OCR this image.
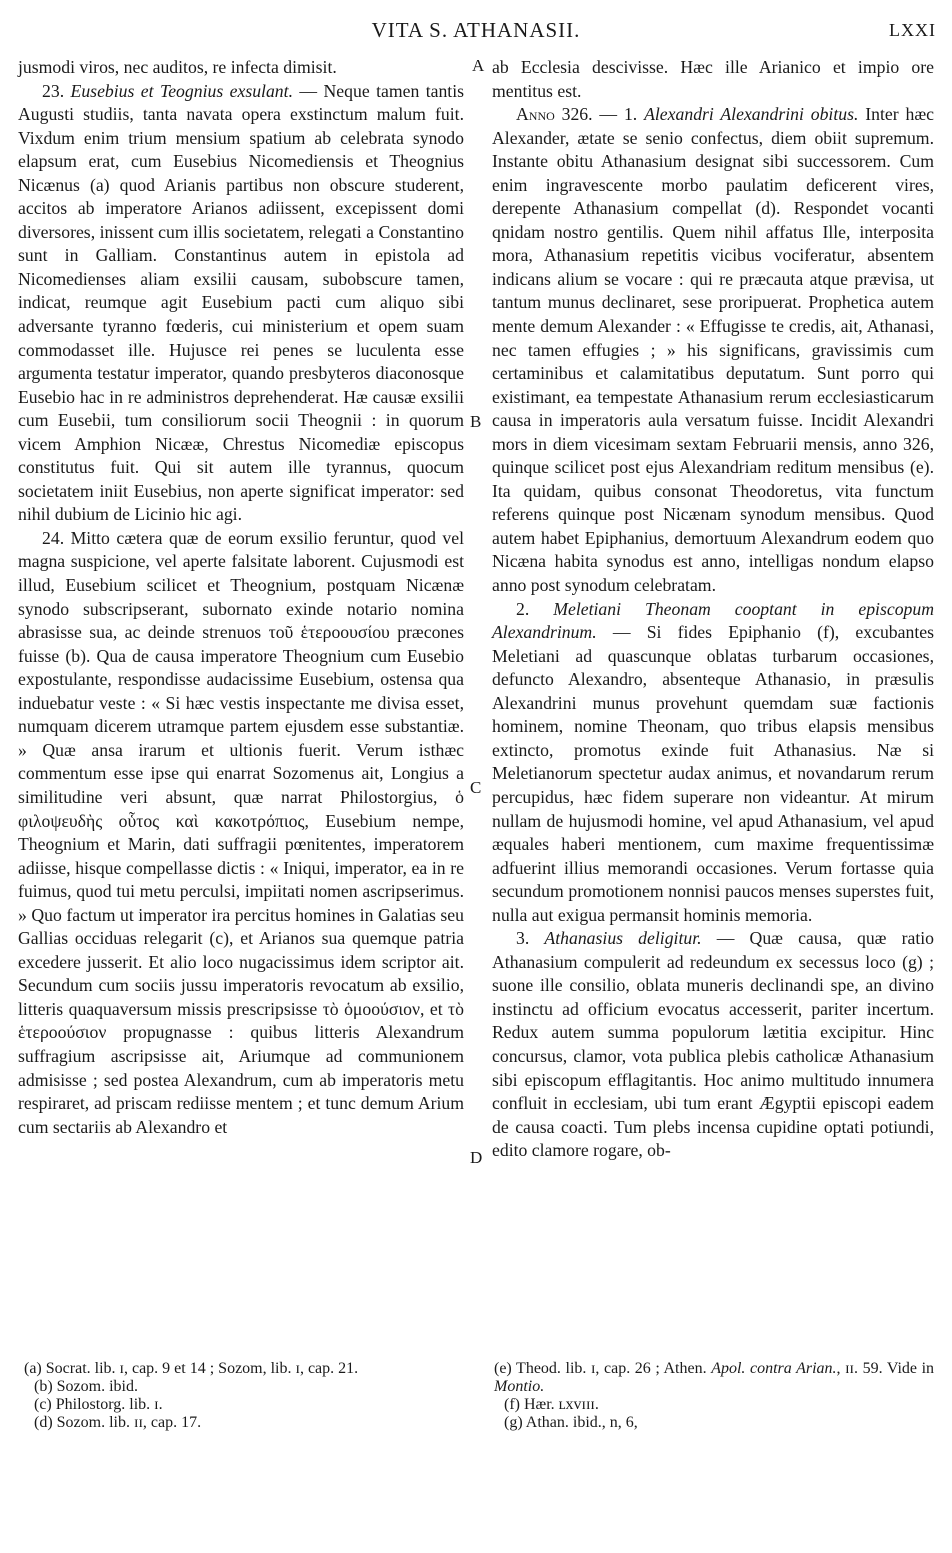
VITA S. ATHANASII.	LXXI

jusmodi viros, nec auditos, re infecta dimisit.

23. Eusebius et Teognius exsulant. — Neque tamen tantis Augusti studiis, tanta navata opera exstinctum malum fuit. Vixdum enim trium mensium spatium ab celebrata synodo elapsum erat, cum Eusebius Nicomediensis et Theognius Nicænus (a) quod Arianis partibus non obscure studerent, accitos ab imperatore Arianos adiissent, excepissent domi diversores, inissent cum illis societatem, relegati a Constantino sunt in Galliam. Constantinus autem in epistola ad Nicomedienses aliam exsilii causam, subobscure tamen, indicat, reumque agit Eusebium pacti cum aliquo sibi adversante tyranno fœderis, cui ministerium et opem suam commodasset ille. Hujusce rei penes se luculenta esse argumenta testatur imperator, quando presbyteros diaconosque Eusebio hac in re administros deprehenderat. Hæ causæ exsilii cum Eusebii, tum consiliorum socii Theognii : in quorum vicem Amphion Nicææ, Chrestus Nicomediæ episcopus constitutus fuit. Qui sit autem ille tyrannus, quocum societatem iniit Eusebius, non aperte significat imperator: sed nihil dubium de Licinio hic agi.

24. Mitto cætera quæ de eorum exsilio feruntur, quod vel magna suspicione, vel aperte falsitate laborent. Cujusmodi est illud, Eusebium scilicet et Theognium, postquam Nicænæ synodo subscripserant, subornato exinde notario nomina abrasisse sua, ac deinde strenuos τοῦ ἑτεροουσίου præcones fuisse (b). Qua de causa imperatore Theognium cum Eusebio expostulante, respondisse audacissime Eusebium, ostensa qua induebatur veste : « Si hæc vestis inspectante me divisa esset, numquam dicerem utramque partem ejusdem esse substantiæ. » Quæ ansa irarum et ultionis fuerit. Verum isthæc commentum esse ipse qui enarrat Sozomenus ait, Longius a similitudine veri absunt, quæ narrat Philostorgius, ὁ φιλοψευδὴς οὗτος καὶ κακοτρόπιος, Eusebium nempe, Theognium et Marin, dati suffragii pœnitentes, imperatorem adiisse, hisque compellasse dictis : « Iniqui, imperator, ea in re fuimus, quod tui metu perculsi, impiitati nomen ascripserimus. » Quo factum ut imperator ira percitus homines in Galatias seu Gallias occiduas relegarit (c), et Arianos sua quemque patria excedere jusserit. Et alio loco nugacissimus idem scriptor ait. Secundum cum sociis jussu imperatoris revocatum ab exsilio, litteris quaquaversum missis prescripsisse τὸ ὁμοούσιον, et τὸ ἑτεροούσιον propugnasse : quibus litteris Alexandrum suffragium ascripsisse ait, Ariumque ad communionem admisisse ; sed postea Alexandrum, cum ab imperatoris metu respiraret, ad priscam rediisse mentem ; et tunc demum Arium cum sectariis ab Alexandro et

A
B
C
D

ab Ecclesia descivisse. Hæc ille Arianico et impio ore mentitus est.

Anno 326. — 1. Alexandri Alexandrini obitus. Inter hæc Alexander, ætate se senio confectus, diem obiit supremum. Instante obitu Athanasium designat sibi successorem. Cum enim ingravescente morbo paulatim deficerent vires, derepente Athanasium compellat (d). Respondet vocanti qnidam nostro gentilis. Quem nihil affatus Ille, interposita mora, Athanasium repetitis vicibus vociferatur, absentem indicans alium se vocare : qui re præcauta atque prævisa, ut tantum munus declinaret, sese proripuerat. Prophetica autem mente demum Alexander : « Effugisse te credis, ait, Athanasi, nec tamen effugies ; » his significans, gravissimis cum certaminibus et calamitatibus deputatum. Sunt porro qui existimant, ea tempestate Athanasium rerum ecclesiasticarum causa in imperatoris aula versatum fuisse. Incidit Alexandri mors in diem vicesimam sextam Februarii mensis, anno 326, quinque scilicet post ejus Alexandriam reditum mensibus (e). Ita quidam, quibus consonat Theodoretus, vita functum referens quinque post Nicænam synodum mensibus. Quod autem habet Epiphanius, demortuum Alexandrum eodem quo Nicæna habita synodus est anno, intelligas nondum elapso anno post synodum celebratam.

2. Meletiani Theonam cooptant in episcopum Alexandrinum. — Si fides Epiphanio (f), excubantes Meletiani ad quascunque oblatas turbarum occasiones, defuncto Alexandro, absenteque Athanasio, in præsulis Alexandrini munus provehunt quemdam suæ factionis hominem, nomine Theonam, quo tribus elapsis mensibus extincto, promotus exinde fuit Athanasius. Næ si Meletianorum spectetur audax animus, et novandarum rerum percupidus, hæc fidem superare non videantur. At mirum nullam de hujusmodi homine, vel apud Athanasium, vel apud æquales haberi mentionem, cum maxime frequentissimæ adfuerint illius memorandi occasiones. Verum fortasse quia secundum promotionem nonnisi paucos menses superstes fuit, nulla aut exigua permansit hominis memoria.

3. Athanasius deligitur. — Quæ causa, quæ ratio Athanasium compulerit ad redeundum ex secessus loco (g) ; suone ille consilio, oblata muneris declinandi spe, an divino instinctu ad officium evocatus accesserit, pariter incertum. Redux autem summa populorum lætitia excipitur. Hinc concursus, clamor, vota publica plebis catholicæ Athanasium sibi episcopum efflagitantis. Hoc animo multitudo innumera confluit in ecclesiam, ubi tum erant Ægyptii episcopi eadem de causa coacti. Tum plebs incensa cupidine optati potiundi, edito clamore rogare, ob-

(a) Socrat. lib. ɪ, cap. 9 et 14 ; Sozom, lib. ɪ, cap. 21.

(b) Sozom. ibid.

(c) Philostorg. lib. ɪ.

(d) Sozom. lib. ɪɪ, cap. 17.

(e) Theod. lib. ɪ, cap. 26 ; Athen. Apol. contra Arian., ɪɪ. 59. Vide in Montio.

(f) Hær. ʟxvɪɪɪ.

(g) Athan. ibid., n, 6,
